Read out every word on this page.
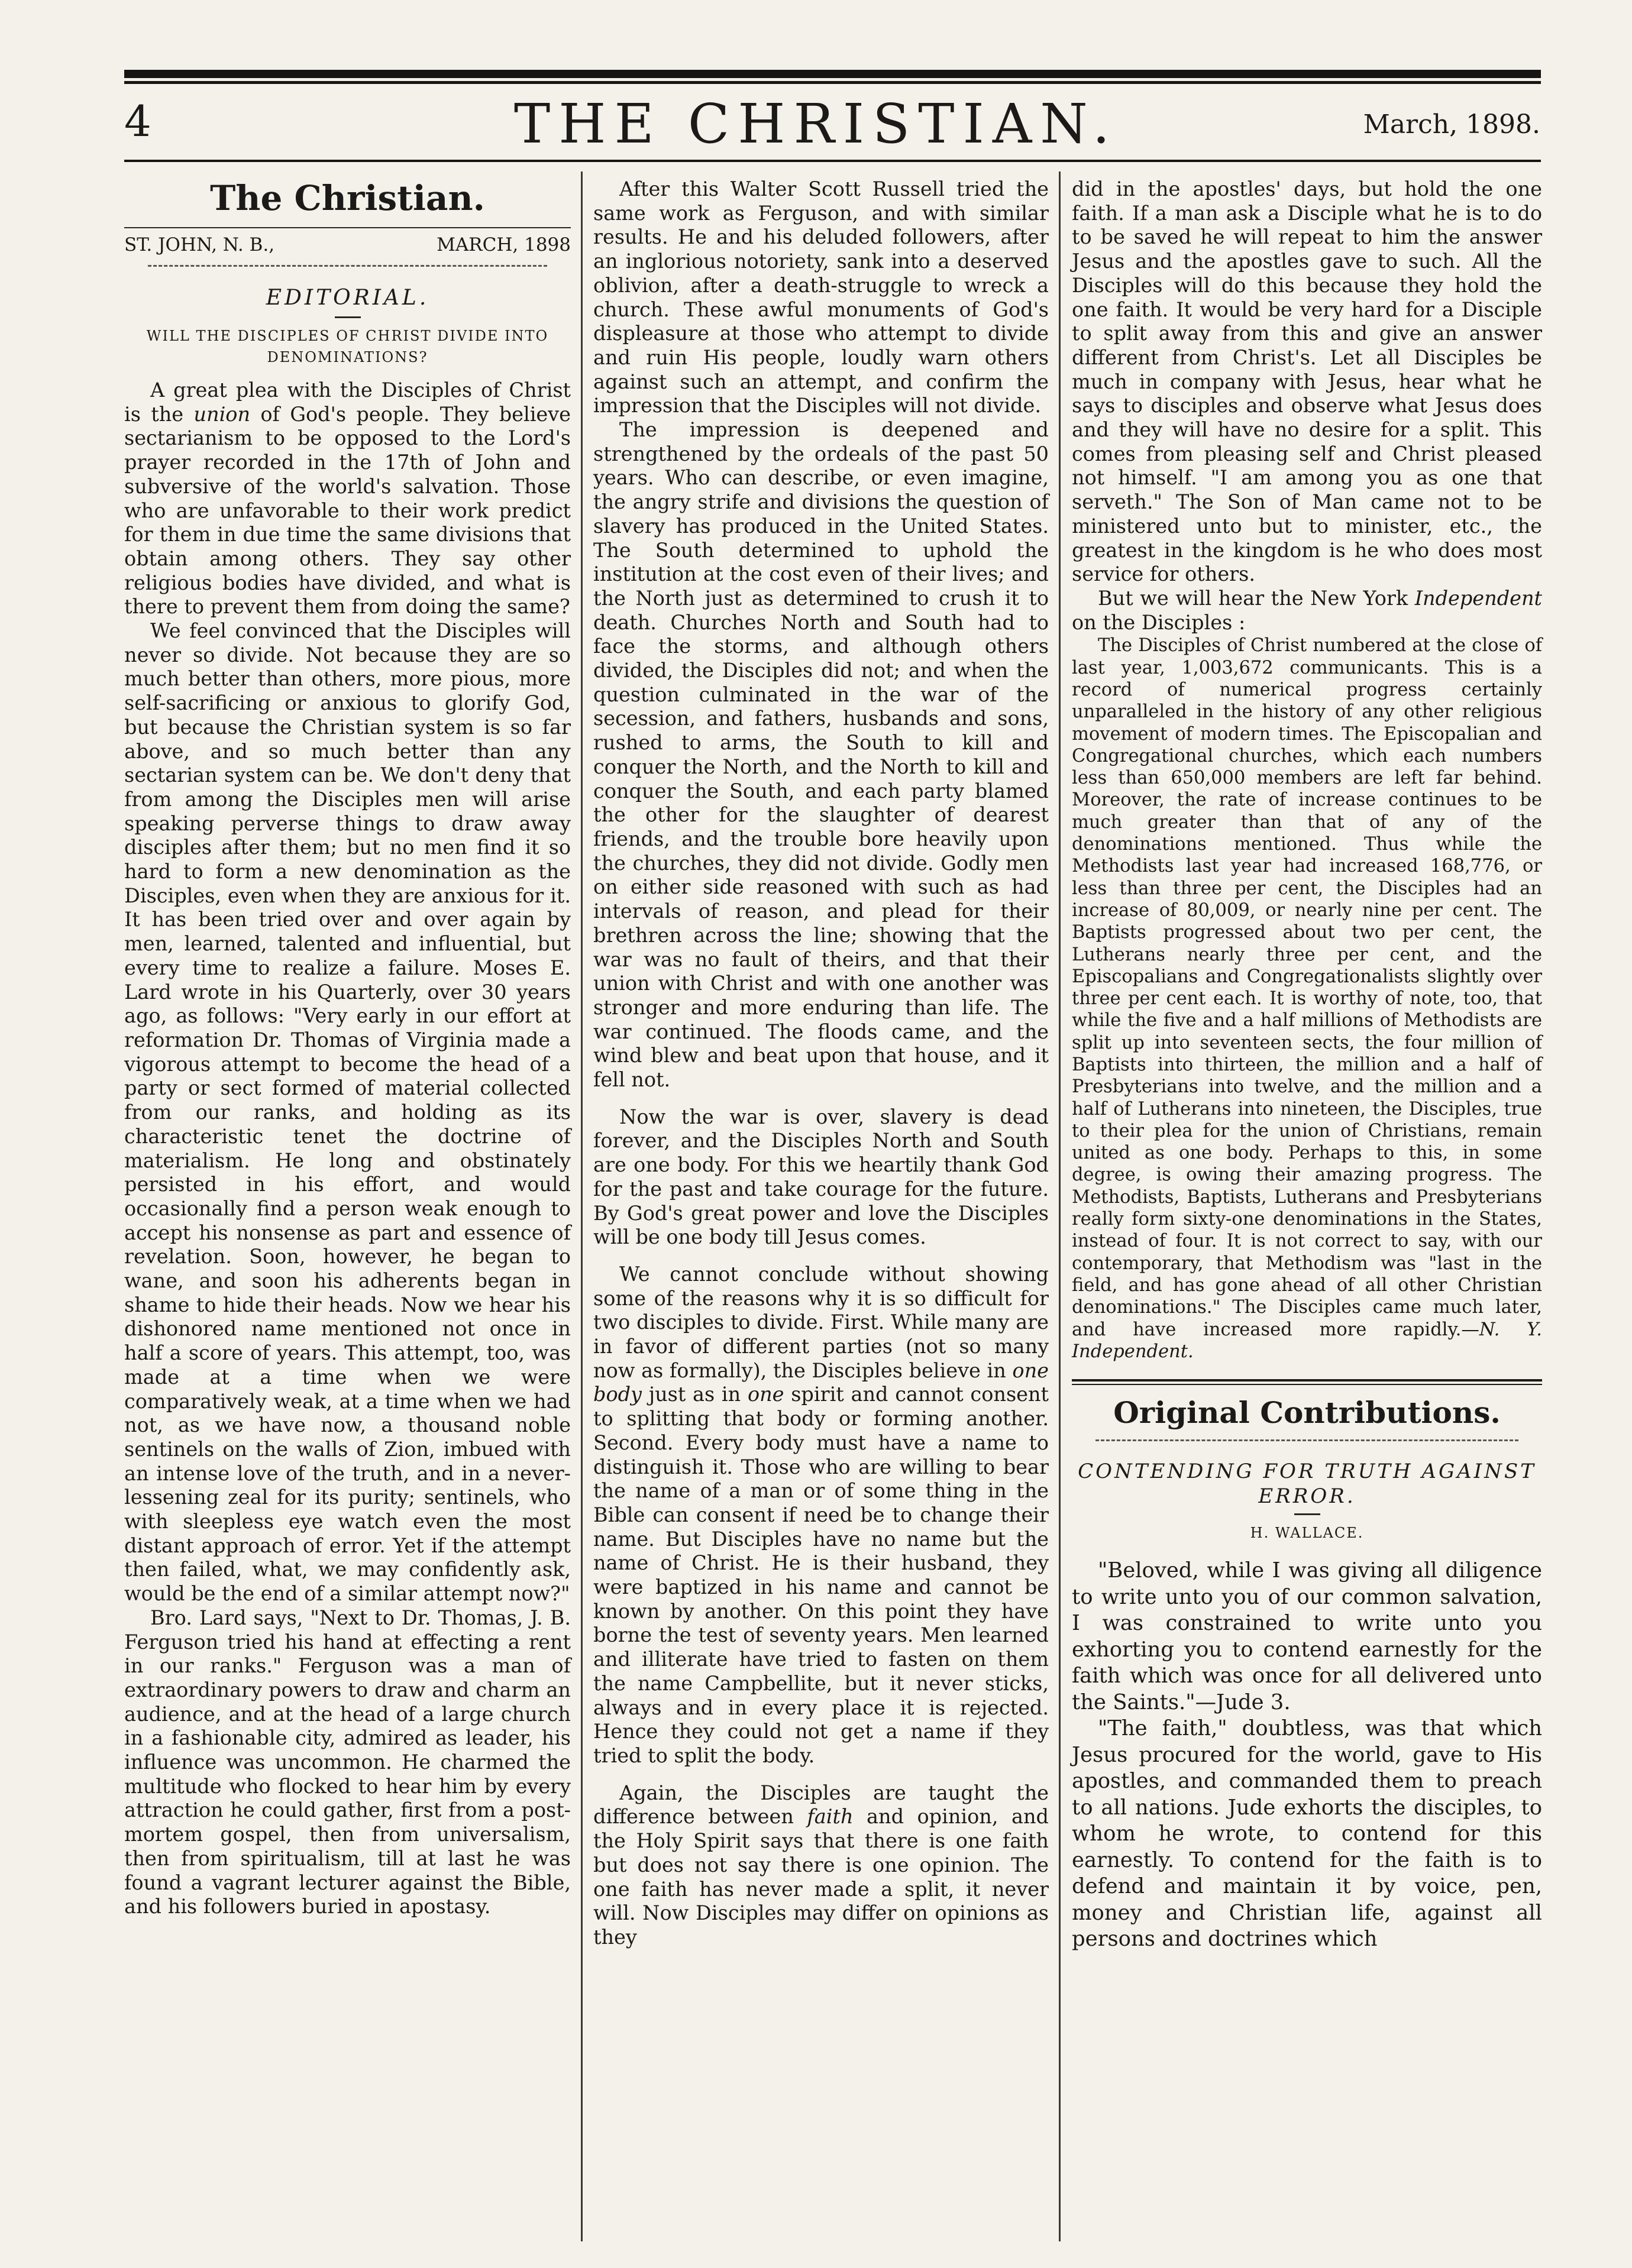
4	THE CHRISTIAN.	March, 1898.
The Christian.
ST. JOHN, N. B.,	MARCH, 1898
EDITORIAL.
WILL THE DISCIPLES OF CHRIST DIVIDE INTO DENOMINATIONS?

A great plea with the Disciples of Christ is the union of God's people. They believe sectarianism to be opposed to the Lord's prayer recorded in the 17th of John and subversive of the world's salvation. Those who are unfavorable to their work predict for them in due time the same divisions that obtain among others. They say other religious bodies have divided, and what is there to prevent them from doing the same?

We feel convinced that the Disciples will never so divide. Not because they are so much better than others, more pious, more self-sacrificing or anxious to glorify God, but because the Christian system is so far above, and so much better than any sectarian system can be. We don't deny that from among the Disciples men will arise speaking perverse things to draw away disciples after them; but no men find it so hard to form a new denomination as the Disciples, even when they are anxious for it. It has been tried over and over again by men, learned, talented and influential, but every time to realize a failure. Moses E. Lard wrote in his Quarterly, over 30 years ago, as follows: "Very early in our effort at reformation Dr. Thomas of Virginia made a vigorous attempt to become the head of a party or sect formed of material collected from our ranks, and holding as its characteristic tenet the doctrine of materialism. He long and obstinately persisted in his effort, and would occasionally find a person weak enough to accept his nonsense as part and essence of revelation. Soon, however, he began to wane, and soon his adherents began in shame to hide their heads. Now we hear his dishonored name mentioned not once in half a score of years. This attempt, too, was made at a time when we were comparatively weak, at a time when we had not, as we have now, a thousand noble sentinels on the walls of Zion, imbued with an intense love of the truth, and in a never-lessening zeal for its purity; sentinels, who with sleepless eye watch even the most distant approach of error. Yet if the attempt then failed, what, we may confidently ask, would be the end of a similar attempt now?"

Bro. Lard says, "Next to Dr. Thomas, J. B. Ferguson tried his hand at effecting a rent in our ranks." Ferguson was a man of extraordinary powers to draw and charm an audience, and at the head of a large church in a fashionable city, admired as leader, his influence was uncommon. He charmed the multitude who flocked to hear him by every attraction he could gather, first from a post-mortem gospel, then from universalism, then from spiritualism, till at last he was found a vagrant lecturer against the Bible, and his followers buried in apostasy.

After this Walter Scott Russell tried the same work as Ferguson, and with similar results. He and his deluded followers, after an inglorious notoriety, sank into a deserved oblivion, after a death-struggle to wreck a church. These awful monuments of God's displeasure at those who attempt to divide and ruin His people, loudly warn others against such an attempt, and confirm the impression that the Disciples will not divide.

The impression is deepened and strengthened by the ordeals of the past 50 years. Who can describe, or even imagine, the angry strife and divisions the question of slavery has produced in the United States. The South determined to uphold the institution at the cost even of their lives; and the North just as determined to crush it to death. Churches North and South had to face the storms, and although others divided, the Disciples did not; and when the question culminated in the war of the secession, and fathers, husbands and sons, rushed to arms, the South to kill and conquer the North, and the North to kill and conquer the South, and each party blamed the other for the slaughter of dearest friends, and the trouble bore heavily upon the churches, they did not divide. Godly men on either side reasoned with such as had intervals of reason, and plead for their brethren across the line; showing that the war was no fault of theirs, and that their union with Christ and with one another was stronger and more enduring than life. The war continued. The floods came, and the wind blew and beat upon that house, and it fell not.

Now the war is over, slavery is dead forever, and the Disciples North and South are one body. For this we heartily thank God for the past and take courage for the future. By God's great power and love the Disciples will be one body till Jesus comes.

We cannot conclude without showing some of the reasons why it is so difficult for two disciples to divide. First. While many are in favor of different parties (not so many now as formally), the Disciples believe in one body just as in one spirit and cannot consent to splitting that body or forming another. Second. Every body must have a name to distinguish it. Those who are willing to bear the name of a man or of some thing in the Bible can consent if need be to change their name. But Disciples have no name but the name of Christ. He is their husband, they were baptized in his name and cannot be known by another. On this point they have borne the test of seventy years. Men learned and illiterate have tried to fasten on them the name Campbellite, but it never sticks, always and in every place it is rejected. Hence they could not get a name if they tried to split the body.

Again, the Disciples are taught the difference between faith and opinion, and the Holy Spirit says that there is one faith but does not say there is one opinion. The one faith has never made a split, it never will. Now Disciples may differ on opinions as they

did in the apostles' days, but hold the one faith. If a man ask a Disciple what he is to do to be saved he will repeat to him the answer Jesus and the apostles gave to such. All the Disciples will do this because they hold the one faith. It would be very hard for a Disciple to split away from this and give an answer different from Christ's. Let all Disciples be much in company with Jesus, hear what he says to disciples and observe what Jesus does and they will have no desire for a split. This comes from pleasing self and Christ pleased not himself. "I am among you as one that serveth." The Son of Man came not to be ministered unto but to minister, etc., the greatest in the kingdom is he who does most service for others.

But we will hear the New York Independent on the Disciples :

The Disciples of Christ numbered at the close of last year, 1,003,672 communicants. This is a record of numerical progress certainly unparalleled in the history of any other religious movement of modern times. The Episcopalian and Congregational churches, which each numbers less than 650,000 members are left far behind. Moreover, the rate of increase continues to be much greater than that of any of the denominations mentioned. Thus while the Methodists last year had increased 168,776, or less than three per cent, the Disciples had an increase of 80,009, or nearly nine per cent. The Baptists progressed about two per cent, the Lutherans nearly three per cent, and the Episcopalians and Congregationalists slightly over three per cent each. It is worthy of note, too, that while the five and a half millions of Methodists are split up into seventeen sects, the four million of Baptists into thirteen, the million and a half of Presbyterians into twelve, and the million and a half of Lutherans into nineteen, the Disciples, true to their plea for the union of Christians, remain united as one body. Perhaps to this, in some degree, is owing their amazing progress. The Methodists, Baptists, Lutherans and Presbyterians really form sixty-one denominations in the States, instead of four. It is not correct to say, with our contemporary, that Methodism was "last in the field, and has gone ahead of all other Christian denominations." The Disciples came much later, and have increased more rapidly.—N. Y. Independent.

Original Contributions.
CONTENDING FOR TRUTH AGAINST ERROR.
H. WALLACE.

"Beloved, while I was giving all diligence to write unto you of our common salvation, I was constrained to write unto you exhorting you to contend earnestly for the faith which was once for all delivered unto the Saints."—Jude 3.

"The faith," doubtless, was that which Jesus procured for the world, gave to His apostles, and commanded them to preach to all nations. Jude exhorts the disciples, to whom he wrote, to contend for this earnestly. To contend for the faith is to defend and maintain it by voice, pen, money and Christian life, against all persons and doctrines which
